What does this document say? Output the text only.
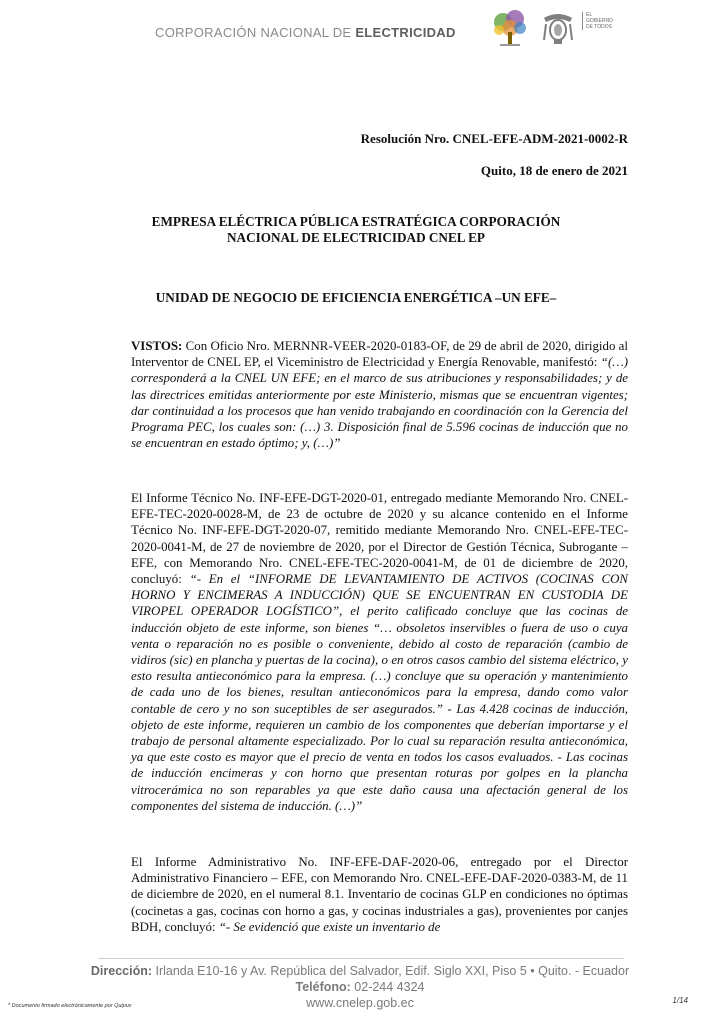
CORPORACIÓN NACIONAL DE ELECTRICIDAD
EL GOBIERNO DE TODOS
Resolución Nro. CNEL-EFE-ADM-2021-0002-R
Quito, 18 de enero de 2021
EMPRESA ELÉCTRICA PÚBLICA ESTRATÉGICA CORPORACIÓN
NACIONAL DE ELECTRICIDAD CNEL EP
UNIDAD DE NEGOCIO DE EFICIENCIA ENERGÉTICA –UN EFE–
VISTOS: Con Oficio Nro. MERNNR-VEER-2020-0183-OF, de 29 de abril de 2020, dirigido al Interventor de CNEL EP, el Viceministro de Electricidad y Energía Renovable, manifestó: “(…) corresponderá a la CNEL UN EFE; en el marco de sus atribuciones y responsabilidades; y de las directrices emitidas anteriormente por este Ministerio, mismas que se encuentran vigentes; dar continuidad a los procesos que han venido trabajando en coordinación con la Gerencia del Programa PEC, los cuales son: (…) 3. Disposición final de 5.596 cocinas de inducción que no se encuentran en estado óptimo; y, (…)”
El Informe Técnico No. INF-EFE-DGT-2020-01, entregado mediante Memorando Nro. CNEL-EFE-TEC-2020-0028-M, de 23 de octubre de 2020 y su alcance contenido en el Informe Técnico No. INF-EFE-DGT-2020-07, remitido mediante Memorando Nro. CNEL-EFE-TEC-2020-0041-M, de 27 de noviembre de 2020, por el Director de Gestión Técnica, Subrogante – EFE, con Memorando Nro. CNEL-EFE-TEC-2020-0041-M, de 01 de diciembre de 2020, concluyó: “- En el “INFORME DE LEVANTAMIENTO DE ACTIVOS (COCINAS CON HORNO Y ENCIMERAS A INDUCCIÓN) QUE SE ENCUENTRAN EN CUSTODIA DE VIROPEL OPERADOR LOGÍSTICO”, el perito calificado concluye que las cocinas de inducción objeto de este informe, son bienes “… obsoletos inservibles o fuera de uso o cuya venta o reparación no es posible o conveniente, debido al costo de reparación (cambio de vidiros (sic) en plancha y puertas de la cocina), o en otros casos cambio del sistema eléctrico, y esto resulta antieconómico para la empresa. (…) concluye que su operación y mantenimiento de cada uno de los bienes, resultan antieconómicos para la empresa, dando como valor contable de cero y no son suceptibles de ser asegurados.” - Las 4.428 cocinas de inducción, objeto de este informe, requieren un cambio de los componentes que deberían importarse y el trabajo de personal altamente especializado. Por lo cual su reparación resulta antieconómica, ya que este costo es mayor que el precio de venta en todos los casos evaluados. - Las cocinas de inducción encimeras y con horno que presentan roturas por golpes en la plancha vitrocerámica no son reparables ya que este daño causa una afectación general de los componentes del sistema de inducción. (…)”
El Informe Administrativo No. INF-EFE-DAF-2020-06, entregado por el Director Administrativo Financiero – EFE, con Memorando Nro. CNEL-EFE-DAF-2020-0383-M, de 11 de diciembre de 2020, en el numeral 8.1. Inventario de cocinas GLP en condiciones no óptimas (cocinetas a gas, cocinas con horno a gas, y cocinas industriales a gas), provenientes por canjes BDH, concluyó: “- Se evidenció que existe un inventario de
Dirección: Irlanda E10-16 y Av. República del Salvador, Edif. Siglo XXI, Piso 5 • Quito. - Ecuador
Teléfono: 02-244 4324
www.cnelep.gob.ec	1/14
* Documento firmado electrónicamente por Quipux
